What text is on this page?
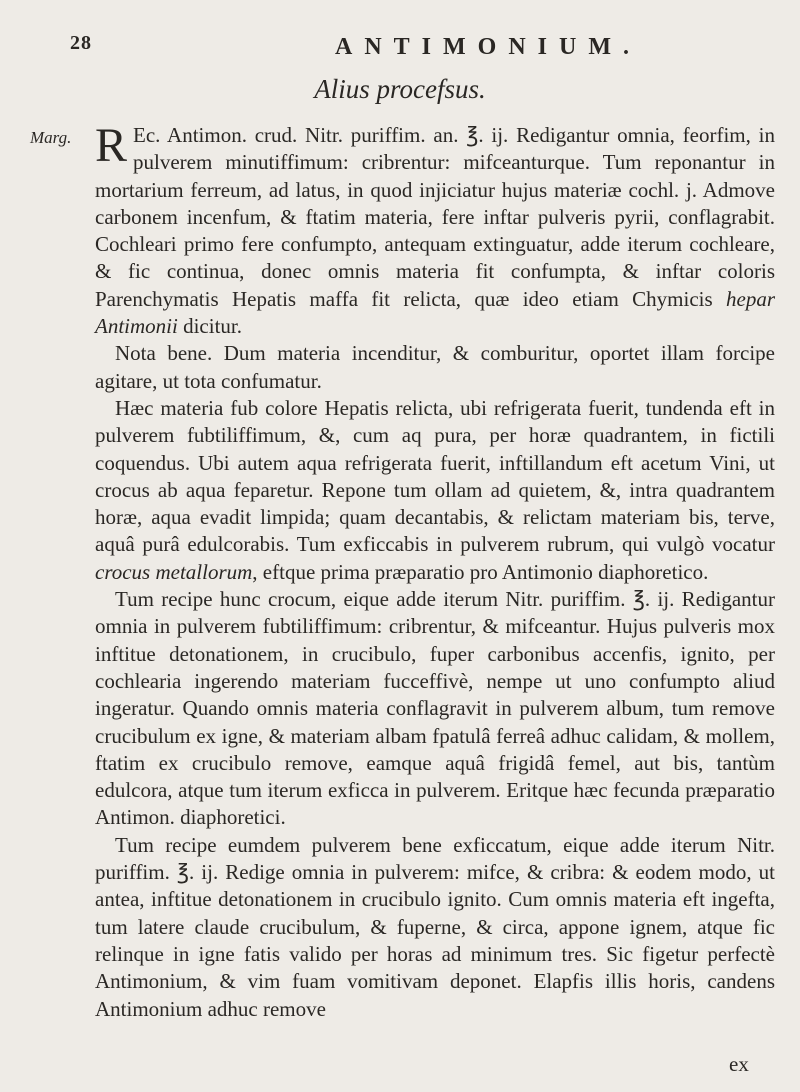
28	ANTIMONIUM.
Alius procefsus.
Marg. R Ec. Antimon. crud. Nitr. puriffim. an. ℥. ij. Redigantur omnia, feorfim, in pulverem minutiffimum: cribrentur: mifceanturque. Tum reponantur in mortarium ferreum, ad latus, in quod injiciatur hujus materiæ cochl. j. Admove carbonem incenfum, & ftatim materia, fere inftar pulveris pyrii, conflagrabit. Cochleari primo fere confumpto, antequam extinguatur, adde iterum cochleare, & fic continua, donec omnis materia fit confumpta, & inftar coloris Parenchymatis Hepatis maffa fit relicta, quæ ideo etiam Chymicis hepar Antimonii dicitur.

Nota bene. Dum materia incenditur, & comburitur, oportet illam forcipe agitare, ut tota confumatur.

Hæc materia fub colore Hepatis relicta, ubi refrigerata fuerit, tundenda eft in pulverem fubtiliffimum, &, cum aq pura, per horæ quadrantem, in fictili coquendus. Ubi autem aqua refrigerata fuerit, inftillandum eft acetum Vini, ut crocus ab aqua feparetur. Repone tum ollam ad quietem, &, intra quadrantem horæ, aqua evadit limpida; quam decantabis, & relictam materiam bis, terve, aquâ purâ edulcorabis. Tum exficcabis in pulverem rubrum, qui vulgò vocatur crocus metallorum, eftque prima præparatio pro Antimonio diaphoretico.

Tum recipe hunc crocum, eique adde iterum Nitr. puriffim. ℥. ij. Redigantur omnia in pulverem fubtiliffimum: cribrentur, & mifceantur. Hujus pulveris mox inftitue detonationem, in crucibulo, fuper carbonibus accenfis, ignito, per cochlearia ingerendo materiam fucceffivè, nempe ut uno confumpto aliud ingeratur. Quando omnis materia conflagravit in pulverem album, tum remove crucibulum ex igne, & materiam albam fpatulâ ferreâ adhuc calidam, & mollem, ftatim ex crucibulo remove, eamque aquâ frigidâ femel, aut bis, tantùm edulcora, atque tum iterum exficca in pulverem. Eritque hæc fecunda præparatio Antimon. diaphoretici.

Tum recipe eumdem pulverem bene exficcatum, eique adde iterum Nitr. puriffim. ℥. ij. Redige omnia in pulverem: mifce, & cribra: & eodem modo, ut antea, inftitue detonationem in crucibulo ignito. Cum omnis materia eft ingefta, tum latere claude crucibulum, & fuperne, & circa, appone ignem, atque fic relinque in igne fatis valido per horas ad minimum tres. Sic figetur perfectè Antimonium, & vim fuam vomitivam deponet. Elapfis illis horis, candens Antimonium adhuc remove

ex
